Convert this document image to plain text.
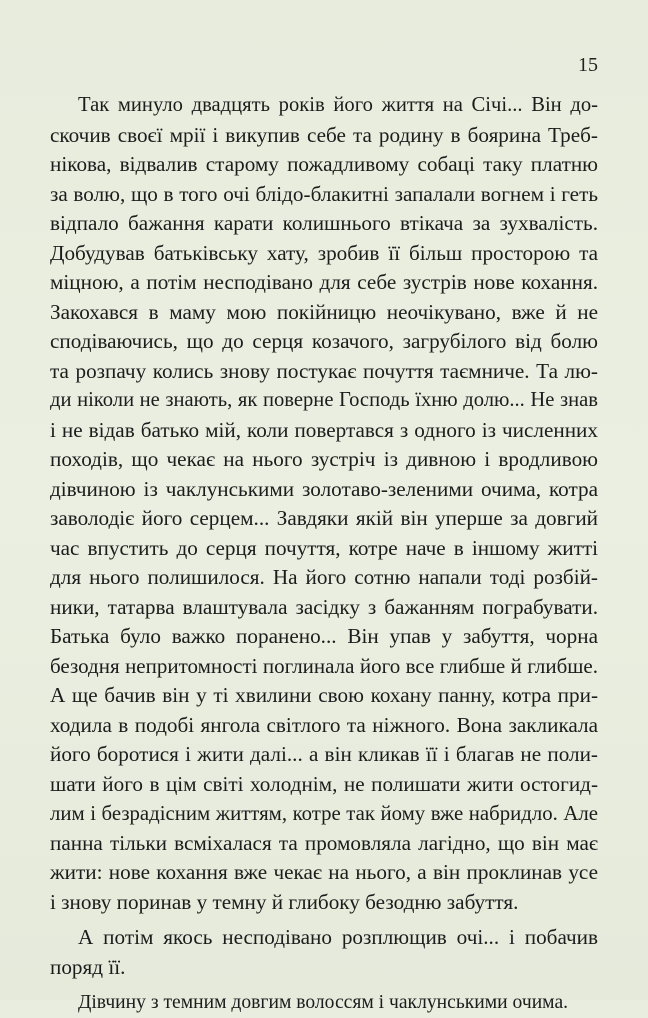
15
Так минуло двадцять років його життя на Січі... Він до-
скочив своєї мрії і викупив себе та родину в боярина Треб-
нікова, відвалив старому пожадливому собаці таку платню
за волю, що в того очі блідо-блакитні запалали вогнем і геть
відпало бажання карати колишнього втікача за зухвалість.
Добудував батьківську хату, зробив її більш просторою та
міцною, а потім несподівано для себе зустрів нове кохання.
Закохався в маму мою покійницю неочікувано, вже й не
сподіваючись, що до серця козачого, загрубілого від болю
та розпачу колись знову постукає почуття таємниче. Та лю-
ди ніколи не знають, як поверне Господь їхню долю... Не знав
і не відав батько мій, коли повертався з одного із численних
походів, що чекає на нього зустріч із дивною і вродливою
дівчиною із чаклунськими золотаво-зеленими очима, котра
заволодіє його серцем... Завдяки якій він уперше за довгий
час впустить до серця почуття, котре наче в іншому житті
для нього полишилося. На його сотню напали тоді розбій-
ники, татарва влаштувала засідку з бажанням пограбувати.
Батька було важко поранено... Він упав у забуття, чорна
безодня непритомності поглинала його все глибше й глибше.
А ще бачив він у ті хвилини свою кохану панну, котра при-
ходила в подобі янгола світлого та ніжного. Вона закликала
його боротися і жити далі... а він кликав її і благав не поли-
шати його в цім світі холоднім, не полишати жити остогид-
лим і безрадісним життям, котре так йому вже набридло. Але
панна тільки всміхалася та промовляла лагідно, що він має
жити: нове кохання вже чекає на нього, а він проклинав усе
і знову поринав у темну й глибоку безодню забуття.
А потім якось несподівано розплющив очі... і побачив
поряд її.
Дівчину з темним довгим волоссям і чаклунськими очима.
